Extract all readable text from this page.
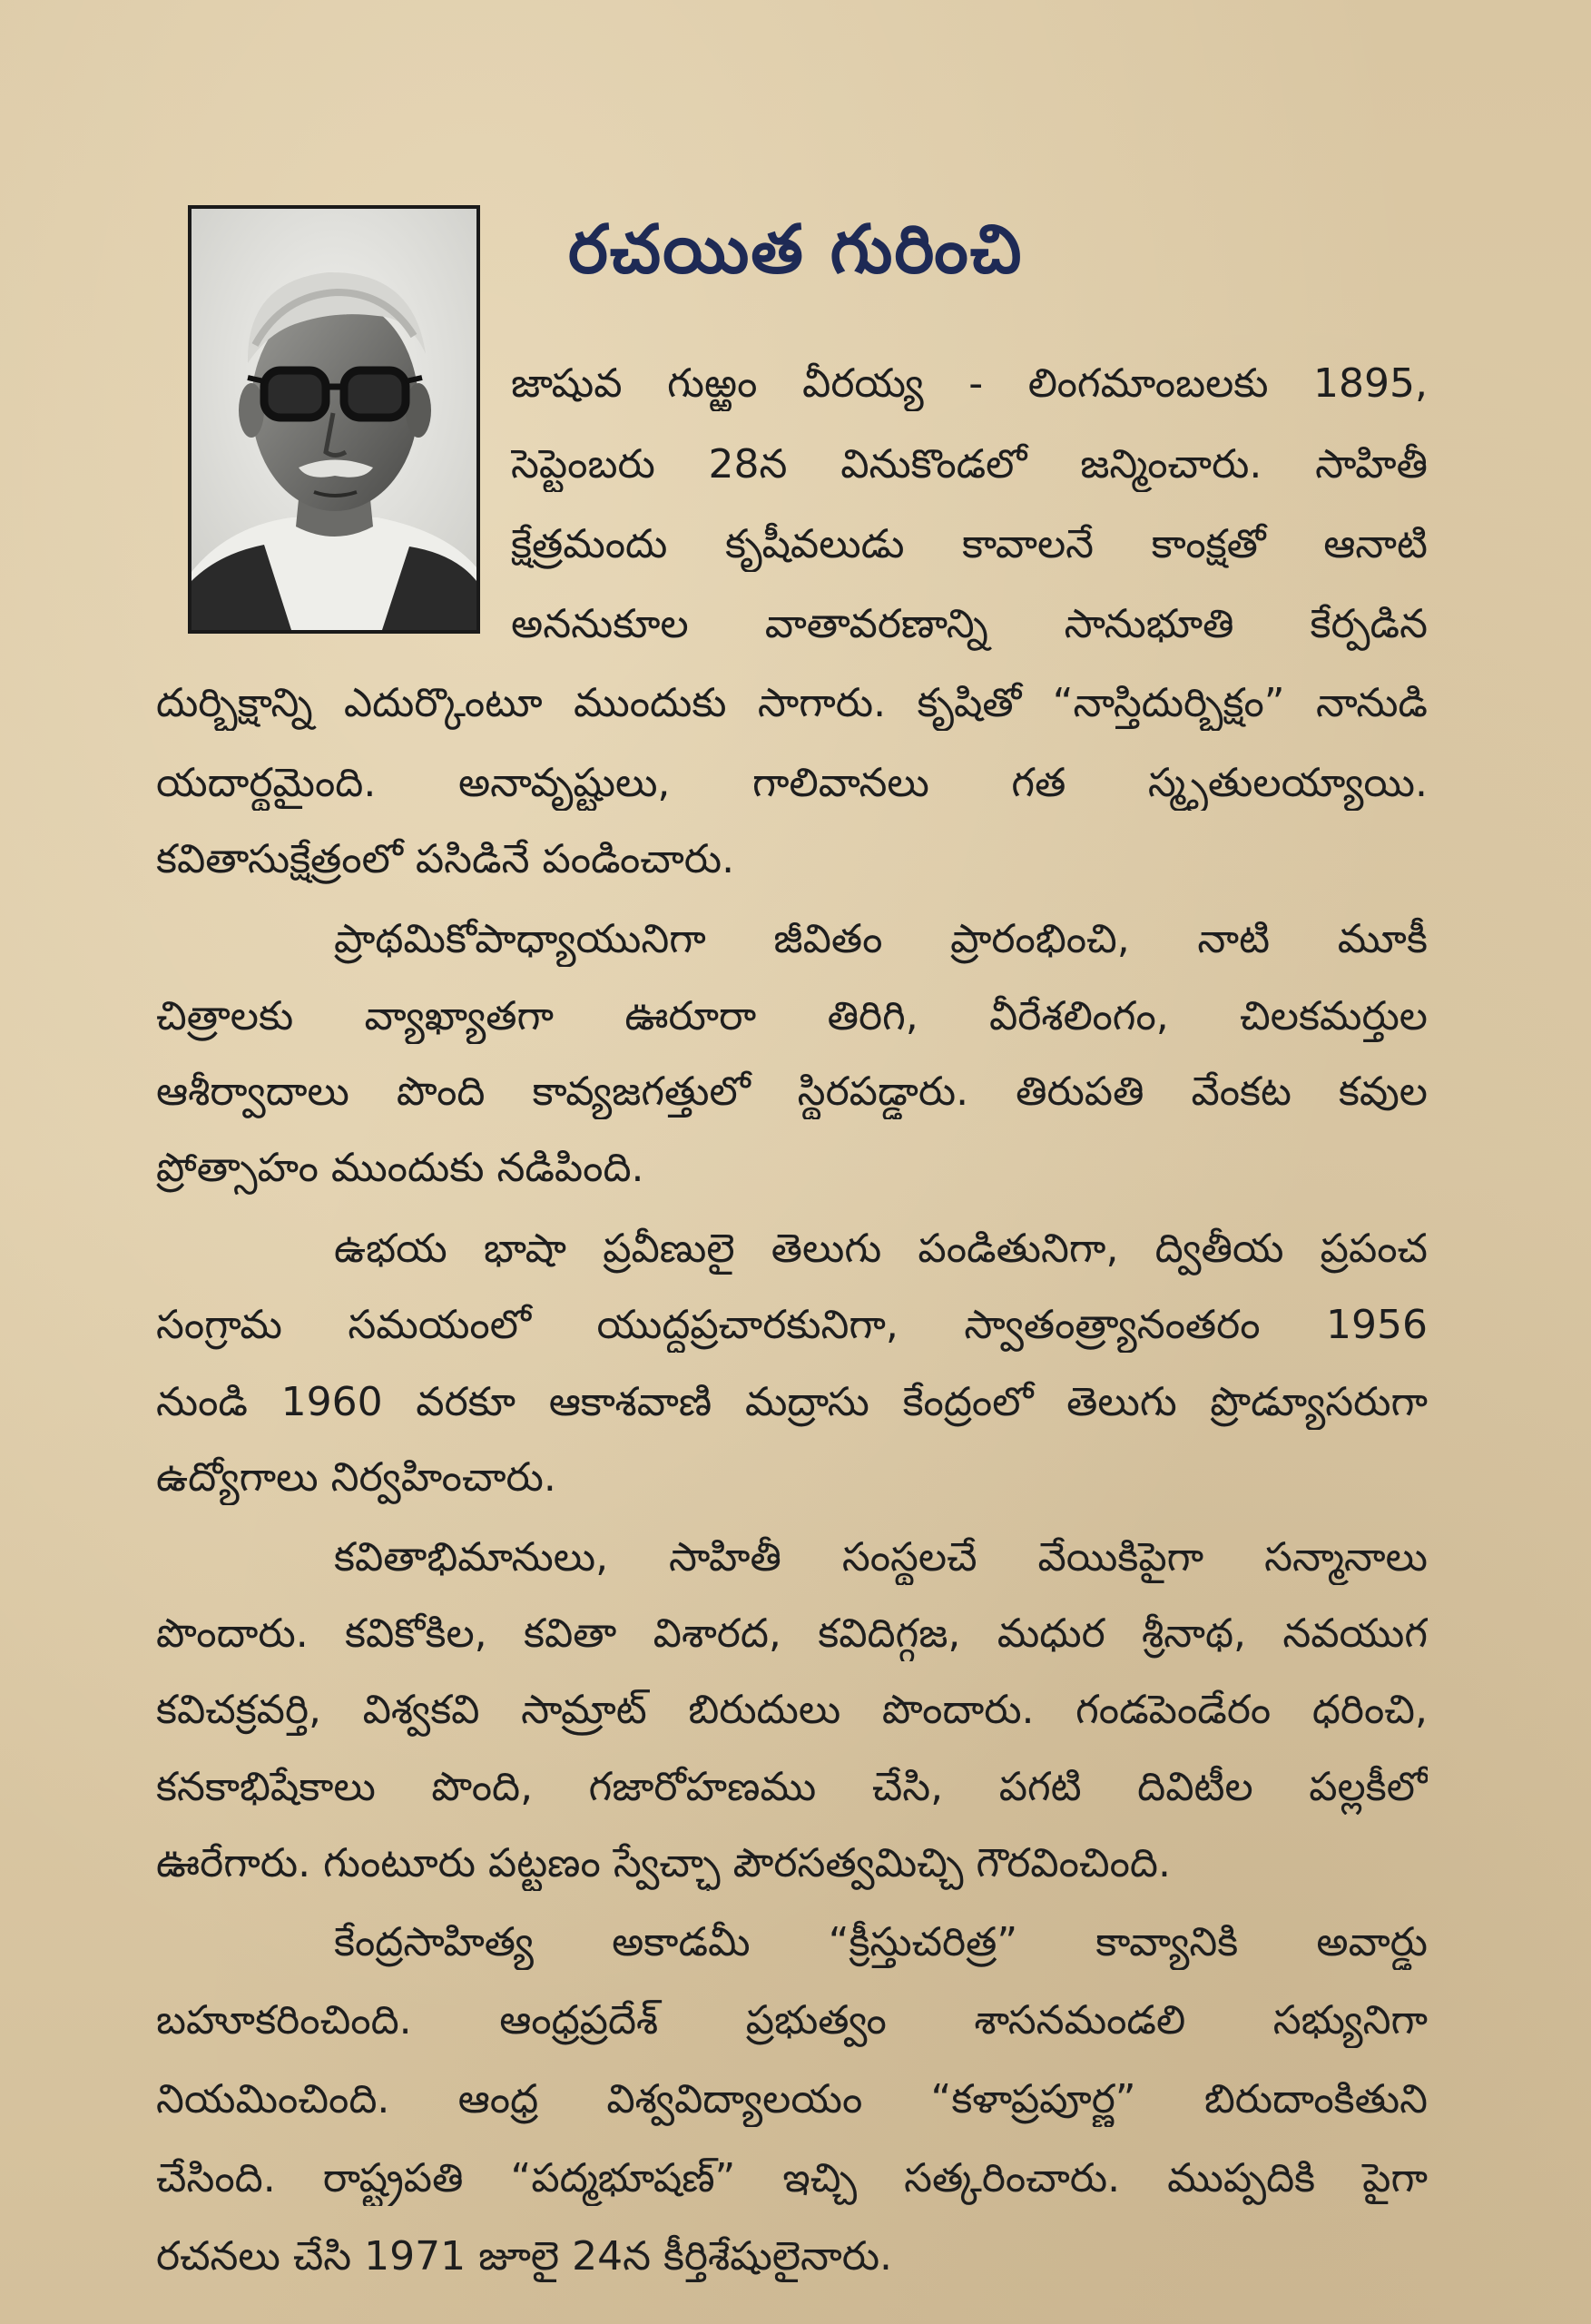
రచయిత గురించి
జాషువ గుఱ్ఱం వీరయ్య - లింగమాంబలకు 1895,
సెప్టెంబరు 28న వినుకొండలో జన్మించారు. సాహితీ
క్షేత్రమందు కృషీవలుడు కావాలనే కాంక్షతో ఆనాటి
అననుకూల వాతావరణాన్ని సానుభూతి కేర్పడిన
దుర్భిక్షాన్ని ఎదుర్కొంటూ ముందుకు సాగారు. కృషితో “నాస్తిదుర్భిక్షం” నానుడి
యదార్థమైంది. అనావృష్టులు, గాలివానలు గత స్మృతులయ్యాయి.
కవితాసుక్షేత్రంలో పసిడినే పండించారు.
ప్రాథమికోపాధ్యాయునిగా జీవితం ప్రారంభించి, నాటి మూకీ
చిత్రాలకు వ్యాఖ్యాతగా ఊరూరా తిరిగి, వీరేశలింగం, చిలకమర్తుల
ఆశీర్వాదాలు పొంది కావ్యజగత్తులో స్థిరపడ్డారు. తిరుపతి వేంకట కవుల
ప్రోత్సాహం ముందుకు నడిపింది.
ఉభయ భాషా ప్రవీణులై తెలుగు పండితునిగా, ద్వితీయ ప్రపంచ
సంగ్రామ సమయంలో యుద్ధప్రచారకునిగా, స్వాతంత్ర్యానంతరం 1956
నుండి 1960 వరకూ ఆకాశవాణి మద్రాసు కేంద్రంలో తెలుగు ప్రొడ్యూసరుగా
ఉద్యోగాలు నిర్వహించారు.
కవితాభిమానులు, సాహితీ సంస్థలచే వేయికిపైగా సన్మానాలు
పొందారు. కవికోకిల, కవితా విశారద, కవిదిగ్గజ, మధుర శ్రీనాథ, నవయుగ
కవిచక్రవర్తి, విశ్వకవి సామ్రాట్ బిరుదులు పొందారు. గండపెండేరం ధరించి,
కనకాభిషేకాలు పొంది, గజారోహణము చేసి, పగటి దివిటీల పల్లకీలో
ఊరేగారు. గుంటూరు పట్టణం స్వేచ్ఛా పౌరసత్వమిచ్చి గౌరవించింది.
కేంద్రసాహిత్య అకాడమీ “క్రీస్తుచరిత్ర” కావ్యానికి అవార్డు
బహూకరించింది. ఆంధ్రప్రదేశ్ ప్రభుత్వం శాసనమండలి సభ్యునిగా
నియమించింది. ఆంధ్ర విశ్వవిద్యాలయం “కళాప్రపూర్ణ” బిరుదాంకితుని
చేసింది. రాష్ట్రపతి “పద్మభూషణ్” ఇచ్చి సత్కరించారు. ముప్పదికి పైగా
రచనలు చేసి 1971 జూలై 24న కీర్తిశేషులైనారు.
